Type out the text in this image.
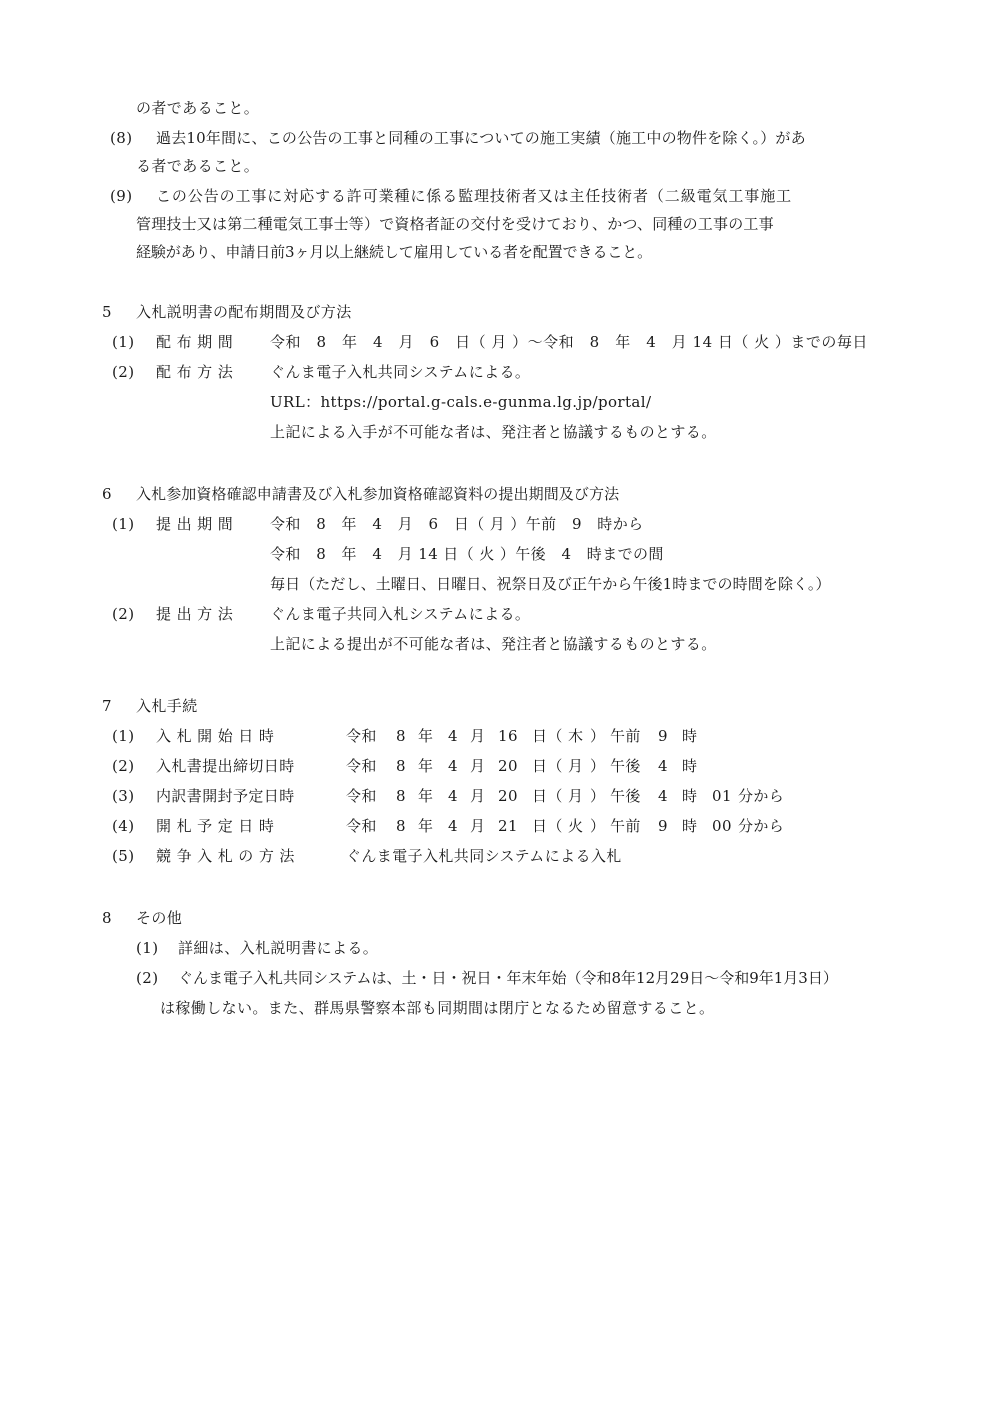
の者であること。
(8) 過去10年間に、この公告の工事と同種の工事についての施工実績（施工中の物件を除く。）があ
る者であること。
(9) この公告の工事に対応する許可業種に係る監理技術者又は主任技術者（二級電気工事施工
管理技士又は第二種電気工事士等）で資格者証の交付を受けており、かつ、同種の工事の工事
経験があり、申請日前3ヶ月以上継続して雇用している者を配置できること。
5 入札説明書の配布期間及び方法
(1) 配 布 期 間 令和　8　年　4　月　6　日（ 月 ）～令和　8　年　4　月 14 日（ 火 ）までの毎日
(2) 配 布 方 法 ぐんま電子入札共同システムによる。
URL：https://portal.g-cals.e-gunma.lg.jp/portal/
上記による入手が不可能な者は、発注者と協議するものとする。
6 入札参加資格確認申請書及び入札参加資格確認資料の提出期間及び方法
(1) 提 出 期 間 令和　8　年　4　月　6　日（ 月 ）午前　9　時から
令和　8　年　4　月 14 日（ 火 ）午後　4　時までの間
毎日（ただし、土曜日、日曜日、祝祭日及び正午から午後1時までの時間を除く。）
(2) 提 出 方 法 ぐんま電子共同入札システムによる。
上記による提出が不可能な者は、発注者と協議するものとする。
7 入札手続
(1) 入 札 開 始 日 時	令和 8 年 4 月 16 日（ 木 ） 午前 9 時
(2) 入札書提出締切日時	令和 8 年 4 月 20 日（ 月 ） 午後 4 時
(3) 内訳書開封予定日時	令和 8 年 4 月 20 日（ 月 ） 午後 4 時 01 分から
(4) 開 札 予 定 日 時	令和 8 年 4 月 21 日（ 火 ） 午前 9 時 00 分から
(5) 競 争 入 札 の 方 法	ぐんま電子入札共同システムによる入札
8 その他
(1) 詳細は、入札説明書による。
(2) ぐんま電子入札共同システムは、土・日・祝日・年末年始（令和8年12月29日～令和9年1月3日）
は稼働しない。また、群馬県警察本部も同期間は閉庁となるため留意すること。
